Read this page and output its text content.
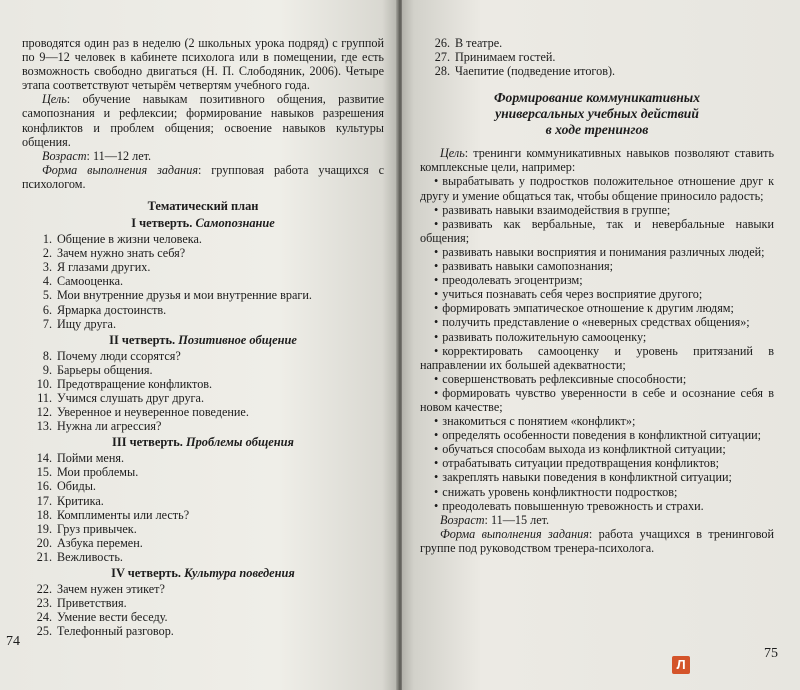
проводятся один раз в неделю (2 школьных урока подряд) с группой по 9—12 человек в кабинете психолога или в помещении, где есть возможность свободно двигаться (Н. П. Слободяник, 2006). Четыре этапа соответствуют четырём четвертям учебного года.

Цель: обучение навыкам позитивного общения, развитие самопознания и рефлексии; формирование навыков разрешения конфликтов и проблем общения; освоение навыков культуры общения.

Возраст: 11—12 лет.

Форма выполнения задания: групповая работа учащихся с психологом.

Тематический план
I четверть. Самопознание
1. Общение в жизни человека.
2. Зачем нужно знать себя?
3. Я глазами других.
4. Самооценка.
5. Мои внутренние друзья и мои внутренние враги.
6. Ярмарка достоинств.
7. Ищу друга.
II четверть. Позитивное общение
8. Почему люди ссорятся?
9. Барьеры общения.
10. Предотвращение конфликтов.
11. Учимся слушать друг друга.
12. Уверенное и неуверенное поведение.
13. Нужна ли агрессия?
III четверть. Проблемы общения
14. Пойми меня.
15. Мои проблемы.
16. Обиды.
17. Критика.
18. Комплименты или лесть?
19. Груз привычек.
20. Азбука перемен.
21. Вежливость.
IV четверть. Культура поведения
22. Зачем нужен этикет?
23. Приветствия.
24. Умение вести беседу.
25. Телефонный разговор.
74
26. В театре.
27. Принимаем гостей.
28. Чаепитие (подведение итогов).
Формирование коммуникативных
универсальных учебных действий
в ходе тренингов

Цель: тренинги коммуникативных навыков позволяют ставить комплексные цели, например:

• вырабатывать у подростков положительное отношение друг к другу и умение общаться так, чтобы общение приносило радость;
• развивать навыки взаимодействия в группе;
• развивать как вербальные, так и невербальные навыки общения;
• развивать навыки восприятия и понимания различных людей;
• развивать навыки самопознания;
• преодолевать эгоцентризм;
• учиться познавать себя через восприятие другого;
• формировать эмпатическое отношение к другим людям;
• получить представление о «неверных средствах общения»;
• развивать положительную самооценку;
• корректировать самооценку и уровень притязаний в направлении их большей адекватности;
• совершенствовать рефлексивные способности;
• формировать чувство уверенности в себе и осознание себя в новом качестве;
• знакомиться с понятием «конфликт»;
• определять особенности поведения в конфликтной ситуации;
• обучаться способам выхода из конфликтной ситуации;
• отрабатывать ситуации предотвращения конфликтов;
• закреплять навыки поведения в конфликтной ситуации;
• снижать уровень конфликтности подростков;
• преодолевать повышенную тревожность и страхи.

Возраст: 11—15 лет.

Форма выполнения задания: работа учащихся в тренинговой группе под руководством тренера-психолога.

75
Л
